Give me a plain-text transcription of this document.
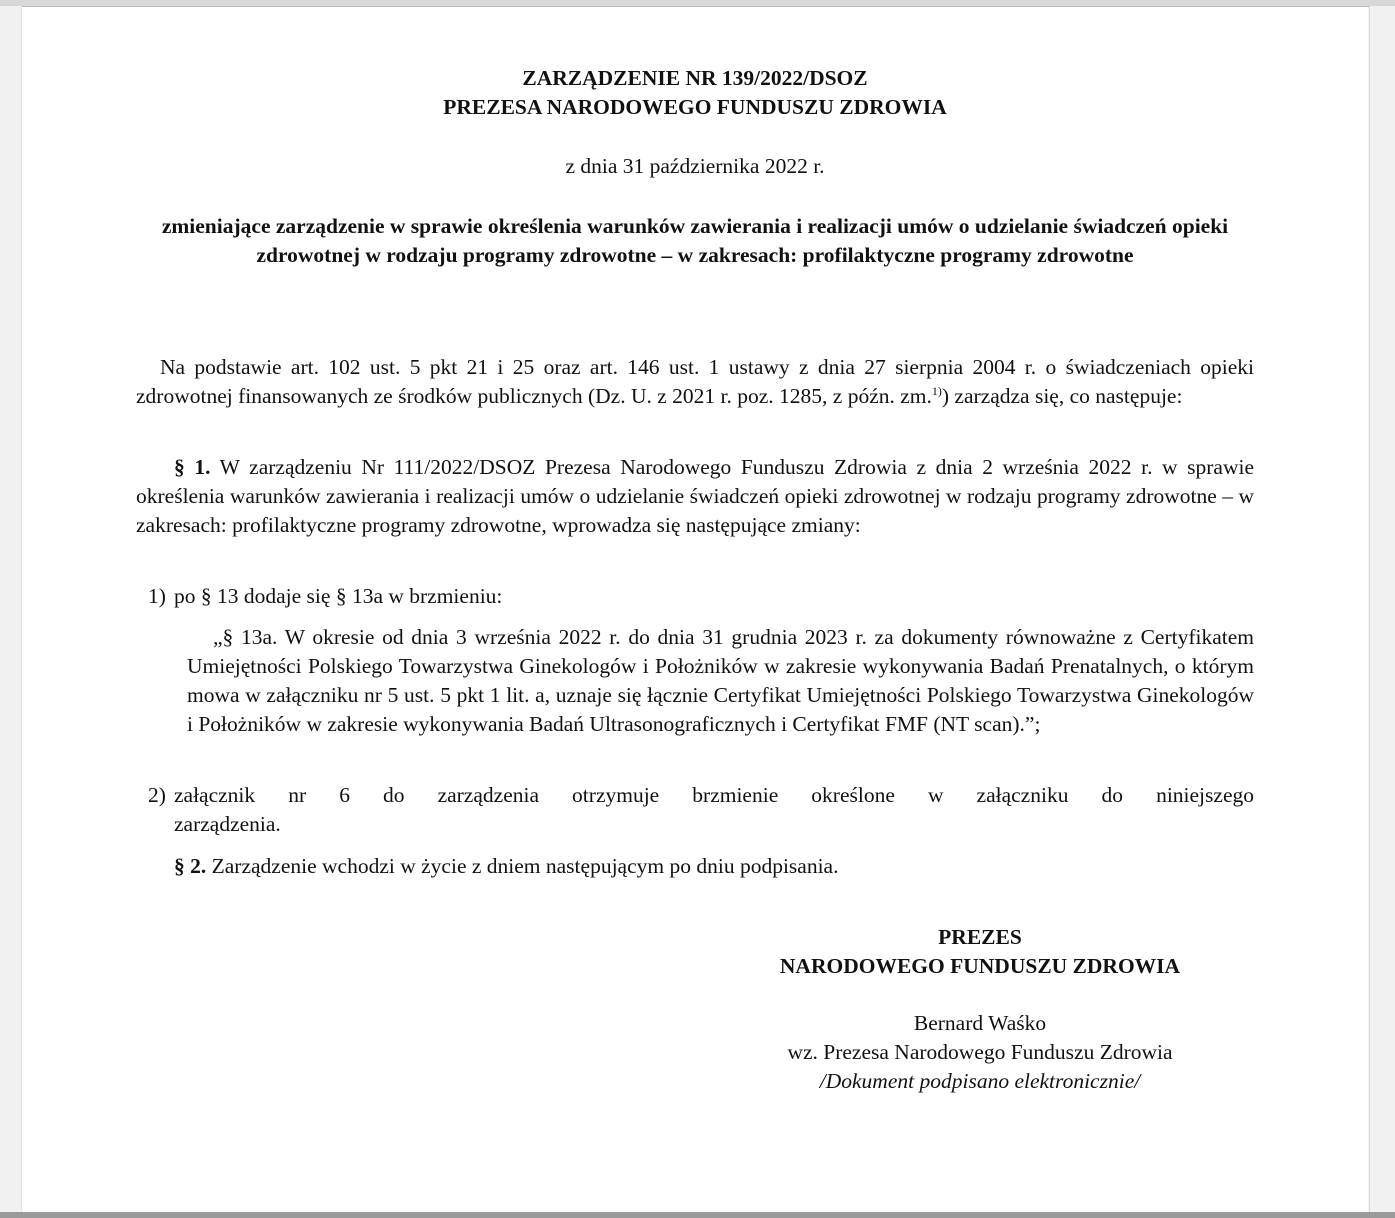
ZARZĄDZENIE NR 139/2022/DSOZ
PREZESA NARODOWEGO FUNDUSZU ZDROWIA
z dnia 31 października 2022 r.
zmieniające zarządzenie w sprawie określenia warunków zawierania i realizacji umów o udzielanie świadczeń opieki zdrowotnej w rodzaju programy zdrowotne – w zakresach: profilaktyczne programy zdrowotne
Na podstawie art. 102 ust. 5 pkt 21 i 25 oraz art. 146 ust. 1 ustawy z dnia 27 sierpnia 2004 r. o świadczeniach opieki zdrowotnej finansowanych ze środków publicznych (Dz. U. z 2021 r. poz. 1285, z późn. zm.$^{1)}$) zarządza się, co następuje:
§ 1. W zarządzeniu Nr 111/2022/DSOZ Prezesa Narodowego Funduszu Zdrowia z dnia 2 września 2022 r. w sprawie określenia warunków zawierania i realizacji umów o udzielanie świadczeń opieki zdrowotnej w rodzaju programy zdrowotne – w zakresach: profilaktyczne programy zdrowotne, wprowadza się następujące zmiany:
1) po § 13 dodaje się § 13a w brzmieniu:
„§ 13a. W okresie od dnia 3 września 2022 r. do dnia 31 grudnia 2023 r. za dokumenty równoważne z Certyfikatem Umiejętności Polskiego Towarzystwa Ginekologów i Położników w zakresie wykonywania Badań Prenatalnych, o którym mowa w załączniku nr 5 ust. 5 pkt 1 lit. a, uznaje się łącznie Certyfikat Umiejętności Polskiego Towarzystwa Ginekologów i Położników w zakresie wykonywania Badań Ultrasonograficznych i Certyfikat FMF (NT scan).”;
2) załącznik nr 6 do zarządzenia otrzymuje brzmienie określone w załączniku do niniejszego zarządzenia.
§ 2. Zarządzenie wchodzi w życie z dniem następującym po dniu podpisania.
PREZES
NARODOWEGO FUNDUSZU ZDROWIA
Bernard Waśko
wz. Prezesa Narodowego Funduszu Zdrowia
/Dokument podpisano elektronicznie/
